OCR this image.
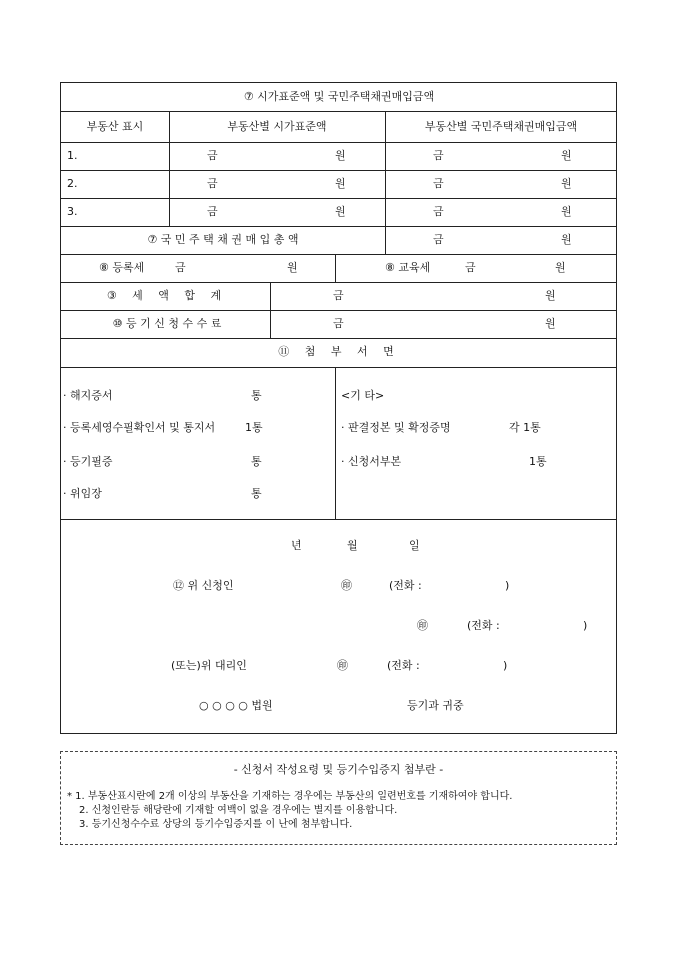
⑦ 시가표준액 및 국민주택채권매입금액
부동산 표시	부동산별 시가표준액	부동산별 국민주택채권매입금액
1.	금	원	금	원
2.	금	원	금	원
3.	금	원	금	원
⑦ 국 민 주 택 채 권 매 입 총 액	금	원
⑧ 등록세	금	원	⑧ 교육세	금	원
③ 세 액 합 계	금	원
⑩ 등 기 신 청 수 수 료	금	원
⑪ 첨 부 서 면
· 해지증서	통
· 등록세영수필확인서 및 통지서	1통
· 등기필증	통
· 위임장	통
<기 타>
· 판결정본 및 확정증명	각 1통
· 신청서부본	1통
년	월	일
⑫ 위 신청인	㊞	(전화 :	)
㊞	(전화 :	)
(또는)위 대리인	㊞	(전화 :	)
○ ○ ○ ○ 법원	등기과 귀중
- 신청서 작성요령 및 등기수입증지 첨부란 -
* 1. 부동산표시란에 2개 이상의 부동산을 기재하는 경우에는 부동산의 일련번호를 기재하여야 합니다.
2. 신청인란등 해당란에 기재할 여백이 없을 경우에는 별지를 이용합니다.
3. 등기신청수수료 상당의 등기수입증지를 이 난에 첨부합니다.
